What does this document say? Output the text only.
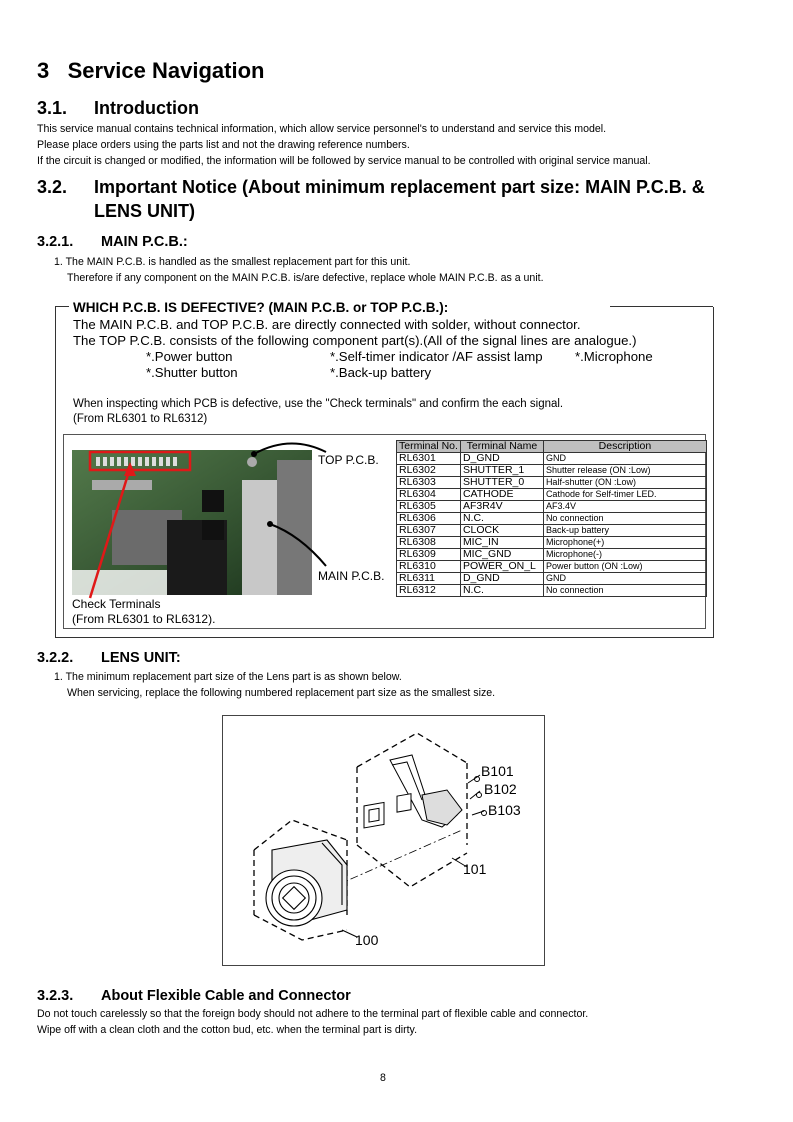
3 Service Navigation
3.1. Introduction
This service manual contains technical information, which allow service personnel's to understand and service this model.
Please place orders using the parts list and not the drawing reference numbers.
If the circuit is changed or modified, the information will be followed by service manual to be controlled with original service manual.
3.2. Important Notice (About minimum replacement part size: MAIN P.C.B. &
LENS UNIT)
3.2.1. MAIN P.C.B.:
1. The MAIN P.C.B. is handled as the smallest replacement part for this unit.
Therefore if any component on the MAIN P.C.B. is/are defective, replace whole MAIN P.C.B. as a unit.
WHICH P.C.B. IS DEFECTIVE? (MAIN P.C.B. or TOP P.C.B.):
The MAIN P.C.B. and TOP P.C.B. are directly connected with solder, without connector.
The TOP P.C.B. consists of the following component part(s).(All of the signal lines are analogue.)
*.Power button	*.Self-timer indicator /AF assist lamp *.Microphone
*.Shutter button	*.Back-up battery
When inspecting which PCB is defective, use the "Check terminals" and confirm the each signal.
(From RL6301 to RL6312)
TOP P.C.B.
MAIN P.C.B.
Check Terminals
(From RL6301 to RL6312).
Terminal No.	Terminal Name	Description
RL6301	D_GND	GND
RL6302	SHUTTER_1	Shutter release (ON :Low)
RL6303	SHUTTER_0	Half-shutter (ON :Low)
RL6304	CATHODE	Cathode for Self-timer LED.
RL6305	AF3R4V	AF3.4V
RL6306	N.C.	No connection
RL6307	CLOCK	Back-up battery
RL6308	MIC_IN	Microphone(+)
RL6309	MIC_GND	Microphone(-)
RL6310	POWER_ON_L	Power button (ON :Low)
RL6311	D_GND	GND
RL6312	N.C.	No connection
3.2.2. LENS UNIT:
1. The minimum replacement part size of the Lens part is as shown below.
When servicing, replace the following numbered replacement part size as the smallest size.
B101
B102
B103
101
100
3.2.3. About Flexible Cable and Connector
Do not touch carelessly so that the foreign body should not adhere to the terminal part of flexible cable and connector.
Wipe off with a clean cloth and the cotton bud, etc. when the terminal part is dirty.
8
